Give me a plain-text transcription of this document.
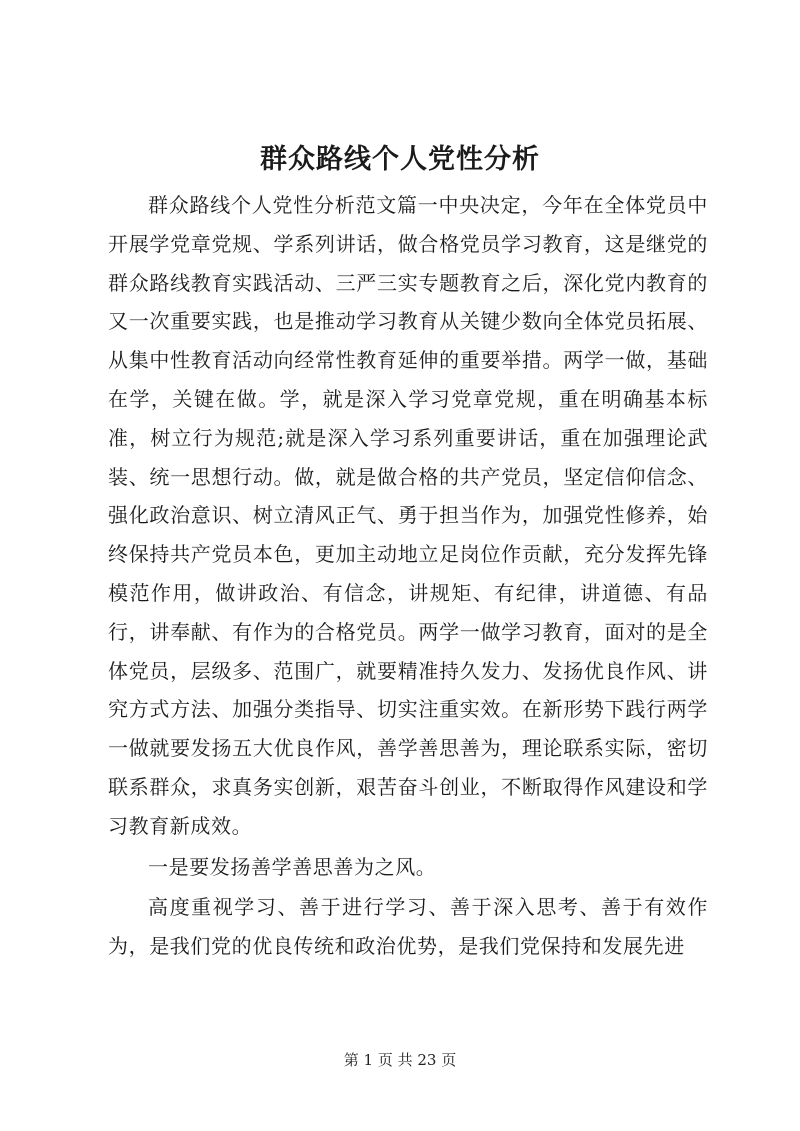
群众路线个人党性分析

群众路线个人党性分析范文篇一中央决定，今年在全体党员中开展学党章党规、学系列讲话，做合格党员学习教育，这是继党的群众路线教育实践活动、三严三实专题教育之后，深化党内教育的又一次重要实践，也是推动学习教育从关键少数向全体党员拓展、从集中性教育活动向经常性教育延伸的重要举措。两学一做，基础在学，关键在做。学，就是深入学习党章党规，重在明确基本标准，树立行为规范;就是深入学习系列重要讲话，重在加强理论武装、统一思想行动。做，就是做合格的共产党员，坚定信仰信念、强化政治意识、树立清风正气、勇于担当作为，加强党性修养，始终保持共产党员本色，更加主动地立足岗位作贡献，充分发挥先锋模范作用，做讲政治、有信念，讲规矩、有纪律，讲道德、有品行，讲奉献、有作为的合格党员。两学一做学习教育，面对的是全体党员，层级多、范围广，就要精准持久发力、发扬优良作风、讲究方式方法、加强分类指导、切实注重实效。在新形势下践行两学一做就要发扬五大优良作风，善学善思善为，理论联系实际，密切联系群众，求真务实创新，艰苦奋斗创业，不断取得作风建设和学习教育新成效。

一是要发扬善学善思善为之风。

高度重视学习、善于进行学习、善于深入思考、善于有效作为，是我们党的优良传统和政治优势，是我们党保持和发展先进

第 1 页 共 23 页
